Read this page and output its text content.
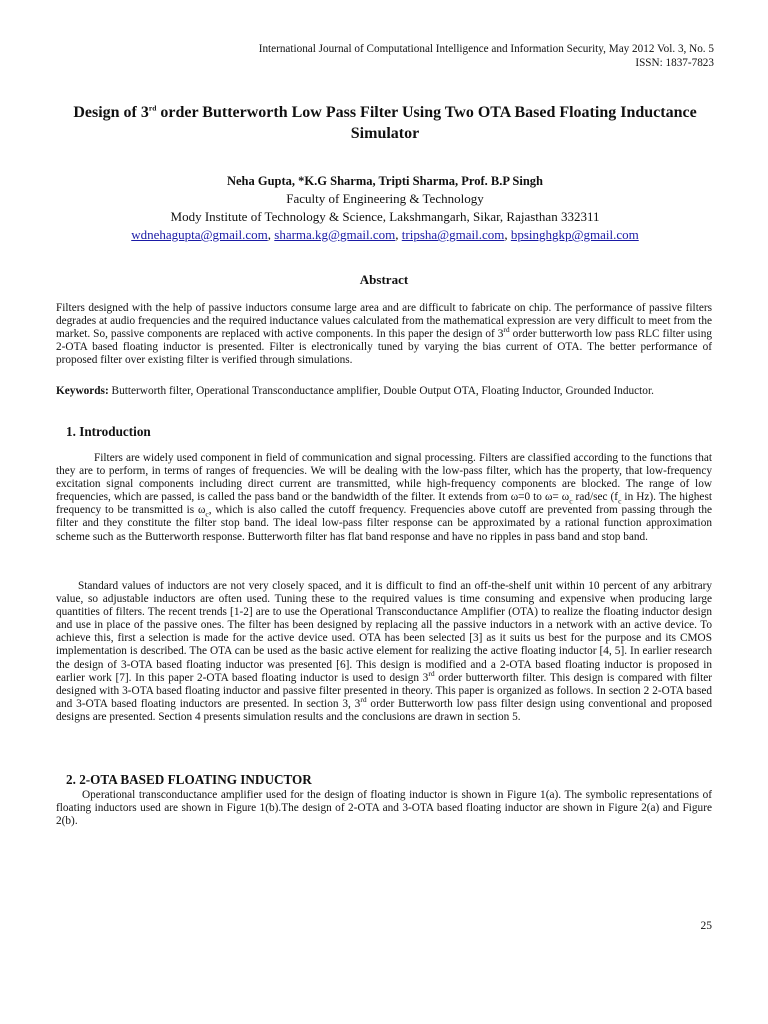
International Journal of Computational Intelligence and Information Security, May 2012 Vol. 3, No. 5
ISSN: 1837-7823
Design of 3rd order Butterworth Low Pass Filter Using Two OTA Based Floating Inductance Simulator
Neha Gupta, *K.G Sharma, Tripti Sharma, Prof. B.P Singh
Faculty of Engineering & Technology
Mody Institute of Technology & Science, Lakshmangarh, Sikar, Rajasthan 332311
wdnehagupta@gmail.com, sharma.kg@gmail.com, tripsha@gmail.com, bpsinghgkp@gmail.com
Abstract
Filters designed with the help of passive inductors consume large area and are difficult to fabricate on chip. The performance of passive filters degrades at audio frequencies and the required inductance values calculated from the mathematical expression are very difficult to meet from the market. So, passive components are replaced with active components. In this paper the design of 3rd order butterworth low pass RLC filter using 2-OTA based floating inductor is presented. Filter is electronically tuned by varying the bias current of OTA. The better performance of proposed filter over existing filter is verified through simulations.
Keywords: Butterworth filter, Operational Transconductance amplifier, Double Output OTA, Floating Inductor, Grounded Inductor.
1. Introduction
Filters are widely used component in field of communication and signal processing. Filters are classified according to the functions that they are to perform, in terms of ranges of frequencies. We will be dealing with the low-pass filter, which has the property, that low-frequency excitation signal components including direct current are transmitted, while high-frequency components are blocked. The range of low frequencies, which are passed, is called the pass band or the bandwidth of the filter. It extends from ω=0 to $\omega= \omega_c$ rad/sec ($f_c$ in Hz). The highest frequency to be transmitted is $\omega_c$, which is also called the cutoff frequency. Frequencies above cutoff are prevented from passing through the filter and they constitute the filter stop band. The ideal low-pass filter response can be approximated by a rational function approximation scheme such as the Butterworth response. Butterworth filter has flat band response and have no ripples in pass band and stop band.
Standard values of inductors are not very closely spaced, and it is difficult to find an off-the-shelf unit within 10 percent of any arbitrary value, so adjustable inductors are often used. Tuning these to the required values is time consuming and expensive when producing large quantities of filters. The recent trends [1-2] are to use the Operational Transconductance Amplifier (OTA) to realize the floating inductor design and use in place of the passive ones. The filter has been designed by replacing all the passive inductors in a network with an active device. To achieve this, first a selection is made for the active device used. OTA has been selected [3] as it suits us best for the purpose and its CMOS implementation is described. The OTA can be used as the basic active element for realizing the active floating inductor [4, 5]. In earlier research the design of 3-OTA based floating inductor was presented [6]. This design is modified and a 2-OTA based floating inductor is proposed in earlier work [7]. In this paper 2-OTA based floating inductor is used to design 3rd order butterworth filter. This design is compared with filter designed with 3-OTA based floating inductor and passive filter presented in theory. This paper is organized as follows. In section 2 2-OTA based and 3-OTA based floating inductors are presented. In section 3, 3rd order Butterworth low pass filter design using conventional and proposed designs are presented. Section 4 presents simulation results and the conclusions are drawn in section 5.
2. 2-OTA BASED FLOATING INDUCTOR
Operational transconductance amplifier used for the design of floating inductor is shown in Figure 1(a). The symbolic representations of floating inductors used are shown in Figure 1(b).The design of 2-OTA and 3-OTA based floating inductor are shown in Figure 2(a) and Figure 2(b).
25
